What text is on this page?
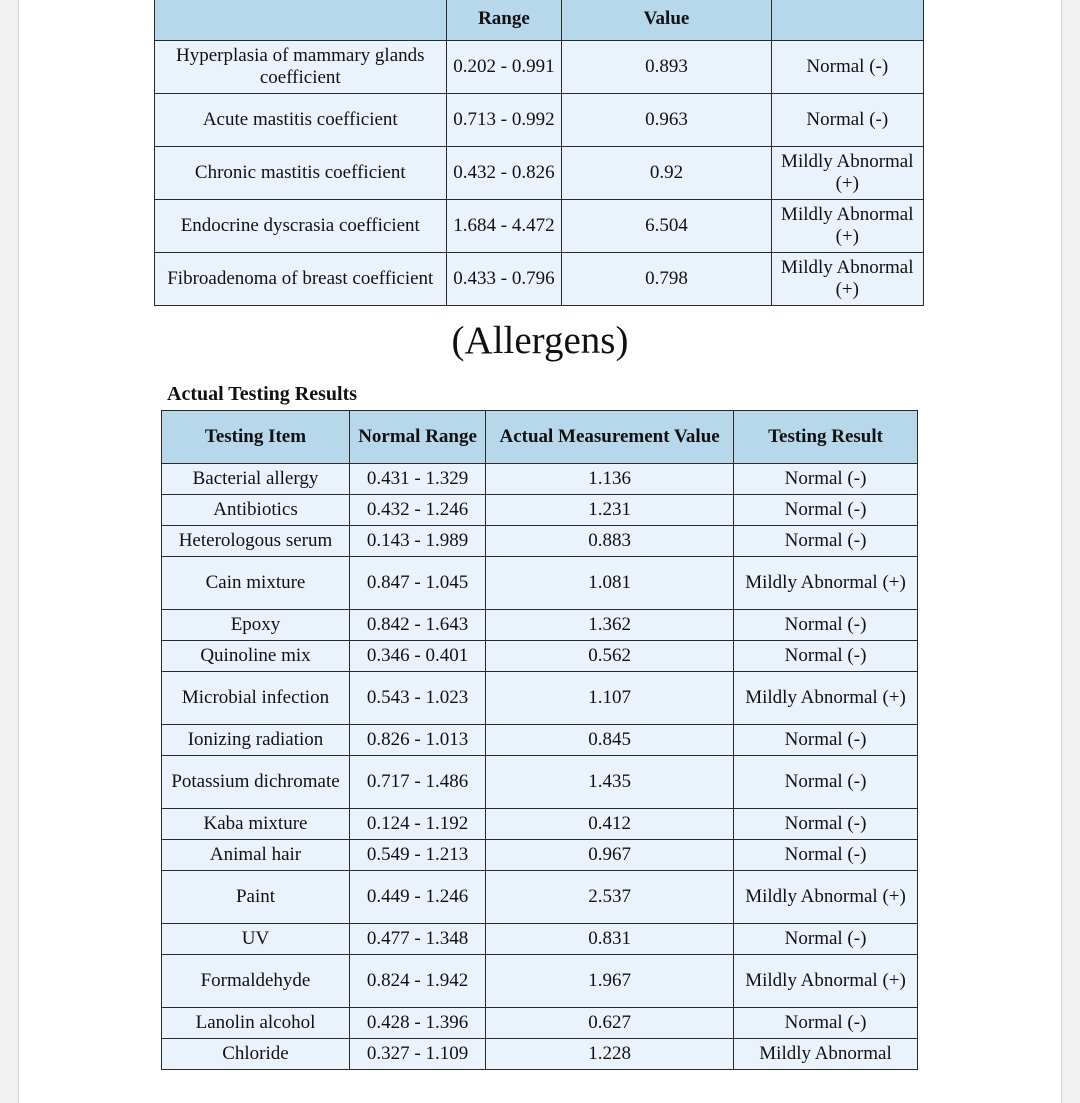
	Range	Value	
Hyperplasia of mammary glands coefficient	0.202 - 0.991	0.893	Normal (-)
Acute mastitis coefficient	0.713 - 0.992	0.963	Normal (-)
Chronic mastitis coefficient	0.432 - 0.826	0.92	Mildly Abnormal (+)
Endocrine dyscrasia coefficient	1.684 - 4.472	6.504	Mildly Abnormal (+)
Fibroadenoma of breast coefficient	0.433 - 0.796	0.798	Mildly Abnormal (+)
(Allergens)
Actual Testing Results
Testing Item	Normal Range	Actual Measurement Value	Testing Result
Bacterial allergy	0.431 - 1.329	1.136	Normal (-)
Antibiotics	0.432 - 1.246	1.231	Normal (-)
Heterologous serum	0.143 - 1.989	0.883	Normal (-)
Cain mixture	0.847 - 1.045	1.081	Mildly Abnormal (+)
Epoxy	0.842 - 1.643	1.362	Normal (-)
Quinoline mix	0.346 - 0.401	0.562	Normal (-)
Microbial infection	0.543 - 1.023	1.107	Mildly Abnormal (+)
Ionizing radiation	0.826 - 1.013	0.845	Normal (-)
Potassium dichromate	0.717 - 1.486	1.435	Normal (-)
Kaba mixture	0.124 - 1.192	0.412	Normal (-)
Animal hair	0.549 - 1.213	0.967	Normal (-)
Paint	0.449 - 1.246	2.537	Mildly Abnormal (+)
UV	0.477 - 1.348	0.831	Normal (-)
Formaldehyde	0.824 - 1.942	1.967	Mildly Abnormal (+)
Lanolin alcohol	0.428 - 1.396	0.627	Normal (-)
Chloride	0.327 - 1.109	1.228	Mildly Abnormal
